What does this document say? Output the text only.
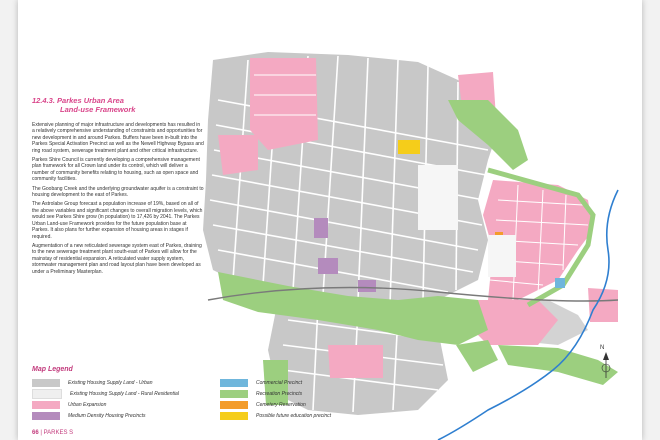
12.4.3. Parkes Urban Area
Land-use Framework

Extensive planning of major infrastructure and developments has resulted in a relatively comprehensive understanding of constraints and opportunities for new development in and around Parkes. Buffers have been in-built into the Parkes Special Activation Precinct as well as the Newell Highway Bypass and ring road system, sewerage treatment plant and other critical infrastructure.

Parkes Shire Council is currently developing a comprehensive management plan framework for all Crown land under its control, which will deliver a number of community benefits relating to housing, such as open space and community facilities.

The Goobang Creek and the underlying groundwater aquifer is a constraint to housing development to the east of Parkes.

The Astrolabe Group forecast a population increase of 19%, based on all of the above variables and significant changes to overall migration levels, which would see Parkes Shire grow (in population) to 17,426 by 2041. The Parkes Urban Land-use Framework provides for the future population base at Parkes. It also plans for further expansion of housing areas in stages if required.

Augmentation of a new reticulated sewerage system east of Parkes, draining to the new sewerage treatment plant south-east of Parkes will allow for the mainstay of residential expansion. A reticulated water supply system, stormwater management plan and road layout plan have been developed as under a Preliminary Masterplan.

N
Map Legend
Existing Housing Supply Land - Urban
Existing Housing Supply Land - Rural Residential
Urban Expansion
Medium Density Housing Precincts
Commercial Precinct
Recreation Precincts
Cemetery Reservation
Possible future education precinct
66 | PARKES S
